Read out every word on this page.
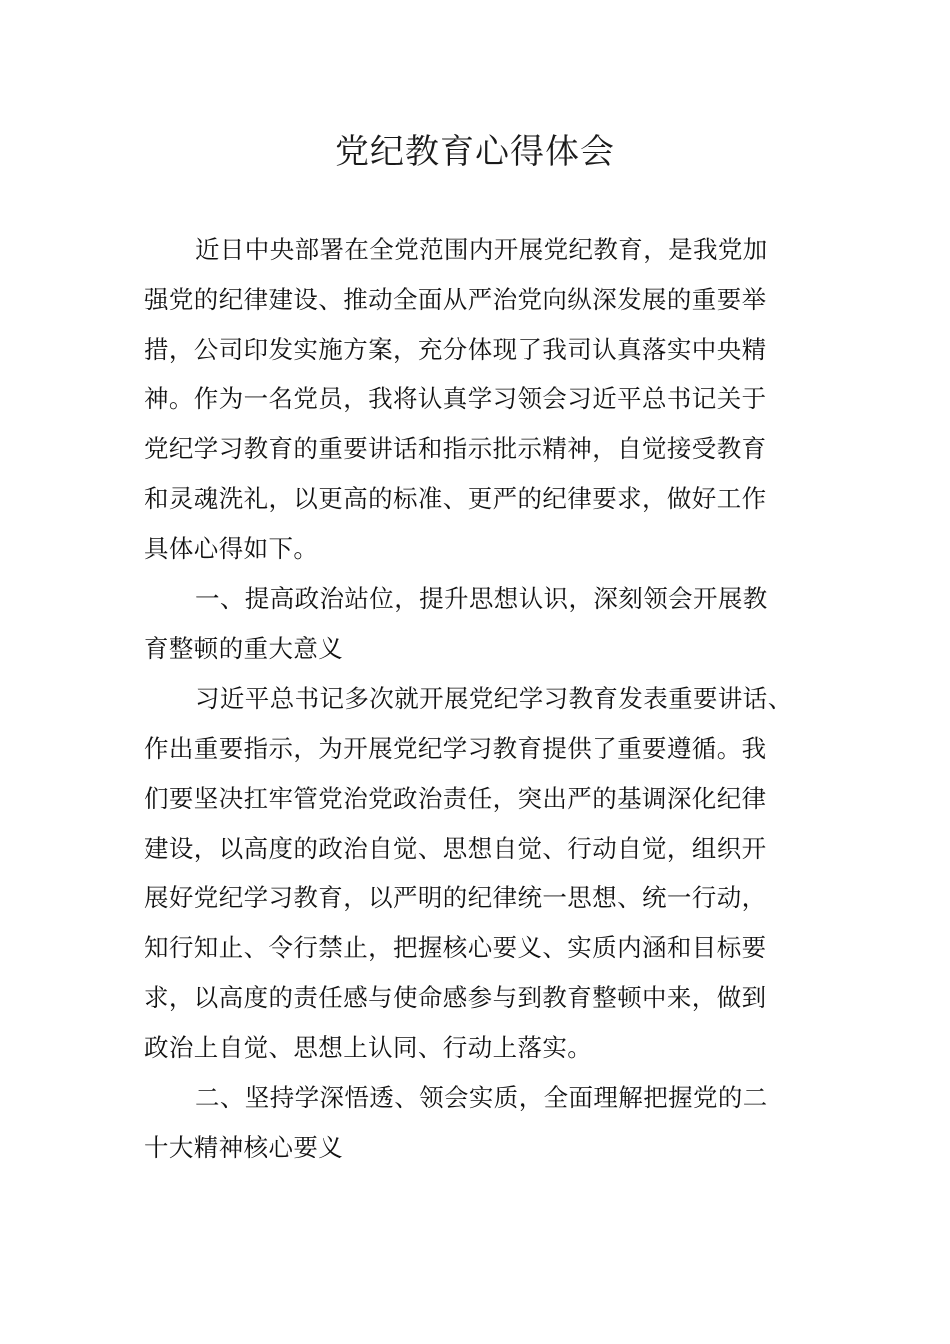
党纪教育心得体会
近日中央部署在全党范围内开展党纪教育，是我党加
强党的纪律建设、推动全面从严治党向纵深发展的重要举
措，公司印发实施方案，充分体现了我司认真落实中央精
神。作为一名党员，我将认真学习领会习近平总书记关于
党纪学习教育的重要讲话和指示批示精神，自觉接受教育
和灵魂洗礼，以更高的标准、更严的纪律要求，做好工作
具体心得如下。
一、提高政治站位，提升思想认识，深刻领会开展教
育整顿的重大意义
习近平总书记多次就开展党纪学习教育发表重要讲话、
作出重要指示，为开展党纪学习教育提供了重要遵循。我
们要坚决扛牢管党治党政治责任，突出严的基调深化纪律
建设，以高度的政治自觉、思想自觉、行动自觉，组织开
展好党纪学习教育，以严明的纪律统一思想、统一行动，
知行知止、令行禁止，把握核心要义、实质内涵和目标要
求，以高度的责任感与使命感参与到教育整顿中来，做到
政治上自觉、思想上认同、行动上落实。
二、坚持学深悟透、领会实质，全面理解把握党的二
十大精神核心要义
